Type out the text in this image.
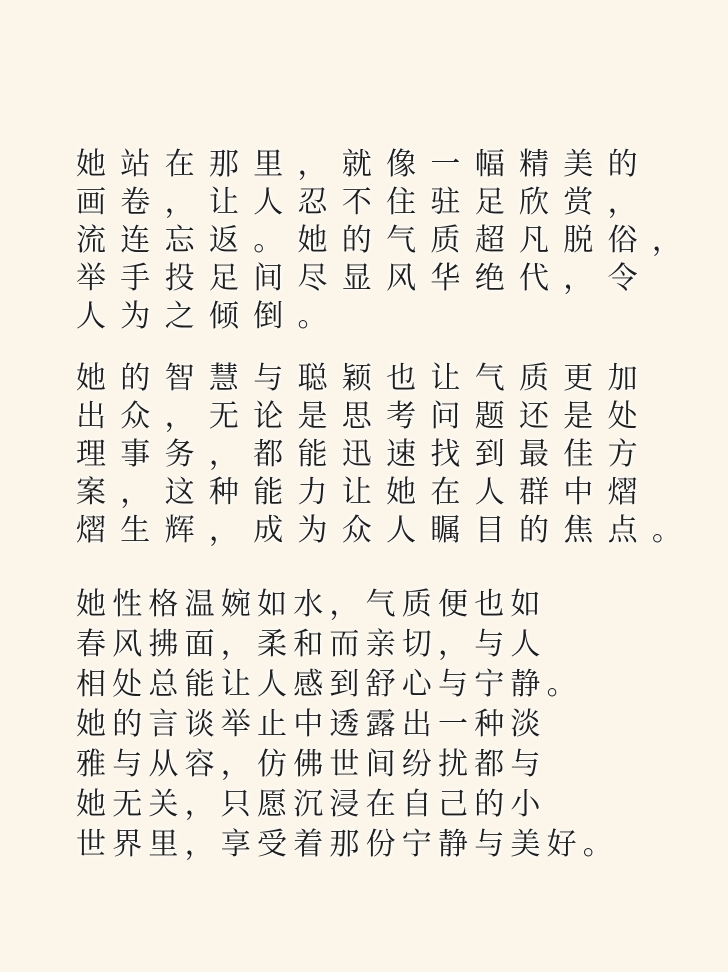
她站在那里，就像一幅精美的
画卷，让人忍不住驻足欣赏，
流连忘返。她的气质超凡脱俗，
举手投足间尽显风华绝代，令
人为之倾倒。
她的智慧与聪颖也让气质更加
出众，无论是思考问题还是处
理事务，都能迅速找到最佳方
案，这种能力让她在人群中熠
熠生辉，成为众人瞩目的焦点。
她性格温婉如水，气质便也如
春风拂面，柔和而亲切，与人
相处总能让人感到舒心与宁静。
她的言谈举止中透露出一种淡
雅与从容，仿佛世间纷扰都与
她无关，只愿沉浸在自己的小
世界里，享受着那份宁静与美好。
